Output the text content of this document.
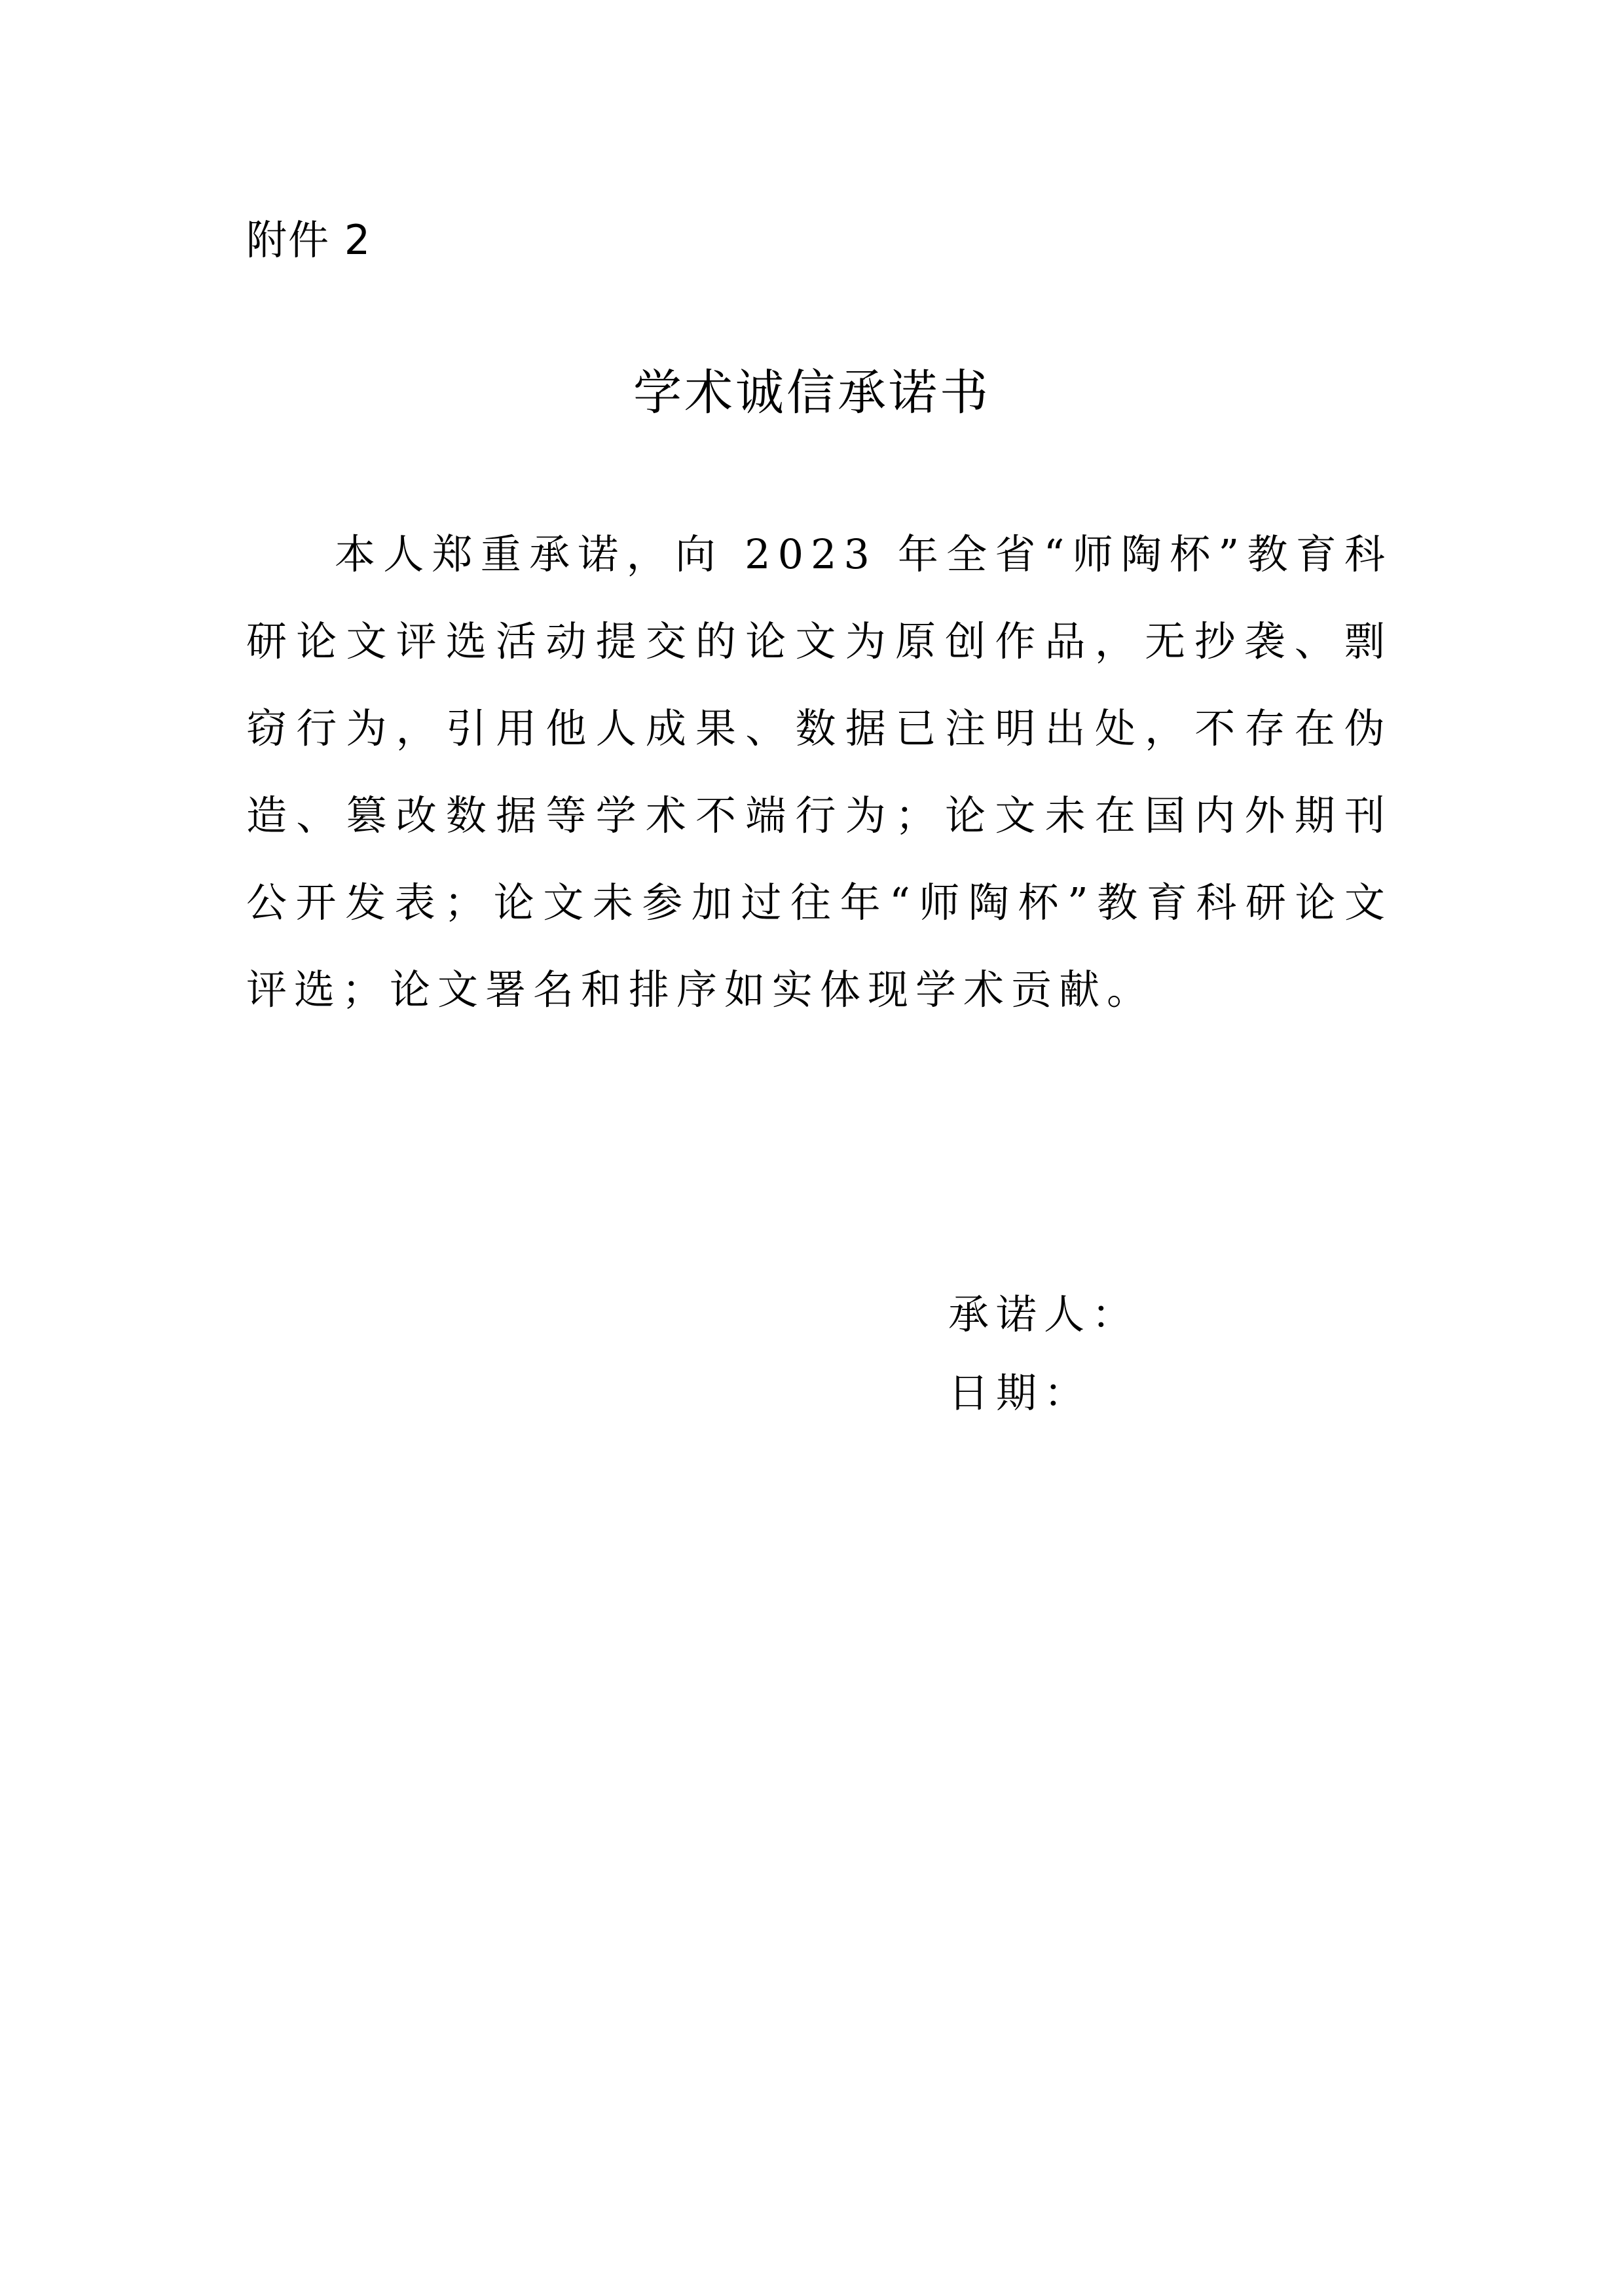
附件 2
学术诚信承诺书

本人郑重承诺，向 2023 年全省“师陶杯”教育科研论文评选活动提交的论文为原创作品，无抄袭、剽窃行为，引用他人成果、数据已注明出处，不存在伪造、篡改数据等学术不端行为；论文未在国内外期刊公开发表；论文未参加过往年“师陶杯”教育科研论文评选；论文署名和排序如实体现学术贡献。

承诺人：
日期：
